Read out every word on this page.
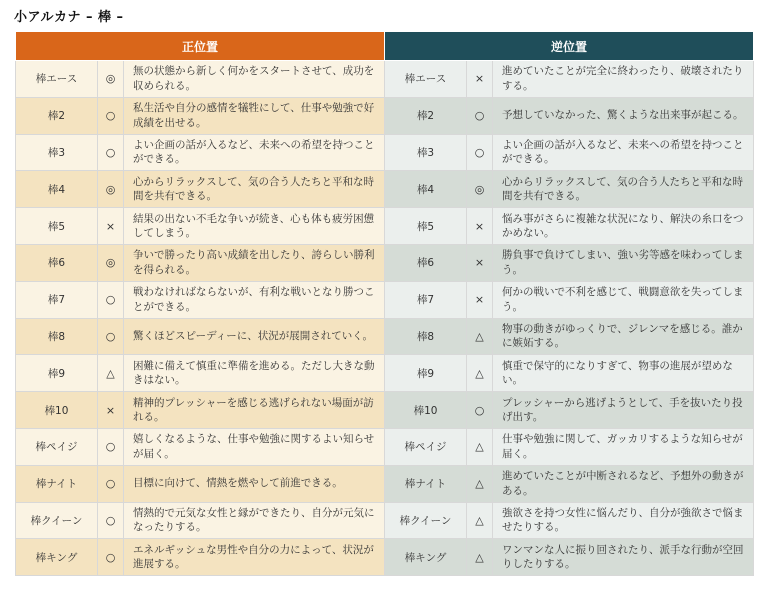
小アルカナ – 棒 –
正位置			逆位置		
棒エース	◎	無の状態から新しく何かをスタートさせて、成功を収められる。	棒エース	×	進めていたことが完全に終わったり、破壊されたりする。
棒2	○	私生活や自分の感情を犠牲にして、仕事や勉強で好成績を出せる。	棒2	○	予想していなかった、驚くような出来事が起こる。
棒3	○	よい企画の話が入るなど、未来への希望を持つことができる。	棒3	○	よい企画の話が入るなど、未来への希望を持つことができる。
棒4	◎	心からリラックスして、気の合う人たちと平和な時間を共有できる。	棒4	◎	心からリラックスして、気の合う人たちと平和な時間を共有できる。
棒5	×	結果の出ない不毛な争いが続き、心も体も疲労困憊してしまう。	棒5	×	悩み事がさらに複雑な状況になり、解決の糸口をつかめない。
棒6	◎	争いで勝ったり高い成績を出したり、誇らしい勝利を得られる。	棒6	×	勝負事で負けてしまい、強い劣等感を味わってしまう。
棒7	○	戦わなければならないが、有利な戦いとなり勝つことができる。	棒7	×	何かの戦いで不利を感じて、戦闘意欲を失ってしまう。
棒8	○	驚くほどスピーディーに、状況が展開されていく。	棒8	△	物事の動きがゆっくりで、ジレンマを感じる。誰かに嫉妬する。
棒9	△	困難に備えて慎重に準備を進める。ただし大きな動きはない。	棒9	△	慎重で保守的になりすぎて、物事の進展が望めない。
棒10	×	精神的プレッシャーを感じる逃げられない場面が訪れる。	棒10	○	プレッシャーから逃げようとして、手を抜いたり投げ出す。
棒ペイジ	○	嬉しくなるような、仕事や勉強に関するよい知らせが届く。	棒ペイジ	△	仕事や勉強に関して、ガッカリするような知らせが届く。
棒ナイト	○	目標に向けて、情熱を燃やして前進できる。	棒ナイト	△	進めていたことが中断されるなど、予想外の動きがある。
棒クイーン	○	情熱的で元気な女性と縁ができたり、自分が元気になったりする。	棒クイーン	△	強欲さを持つ女性に悩んだり、自分が強欲さで悩ませたりする。
棒キング	○	エネルギッシュな男性や自分の力によって、状況が進展する。	棒キング	△	ワンマンな人に振り回されたり、派手な行動が空回りしたりする。
